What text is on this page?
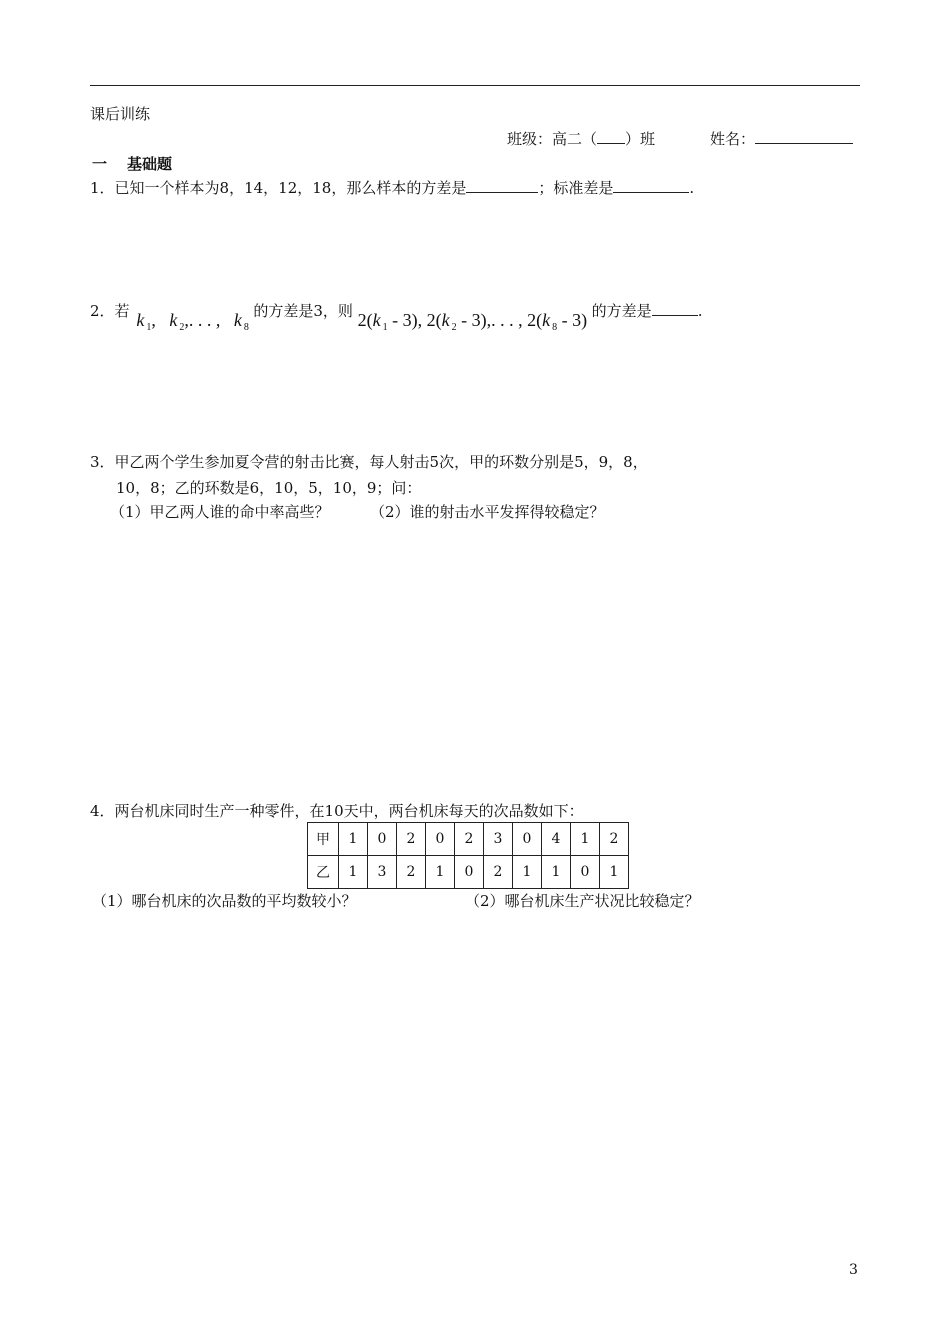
课后训练
班级：高二（ ）班	姓名：
一 基础题
1．已知一个样本为8，14，12，18，那么样本的方差是	；标准差是	.
2．若 k $_1$,   k $_2$,. . . , k $_8$ 的方差是3，则 2(k $_1$ - 3), 2(k $_2$ - 3),. . . , 2(k $_8$ - 3) 的方差是	.
3．甲乙两个学生参加夏令营的射击比赛，每人射击5次，甲的环数分别是5，9，8，
10，8；乙的环数是6，10，5，10，9；问：
（1）甲乙两人谁的命中率高些？	（2）谁的射击水平发挥得较稳定？
4．两台机床同时生产一种零件，在10天中，两台机床每天的次品数如下：
甲	1	0	2	0	2	3	0	4	1	2
乙	1	3	2	1	0	2	1	1	0	1
（1）哪台机床的次品数的平均数较小？	（2）哪台机床生产状况比较稳定？
3
